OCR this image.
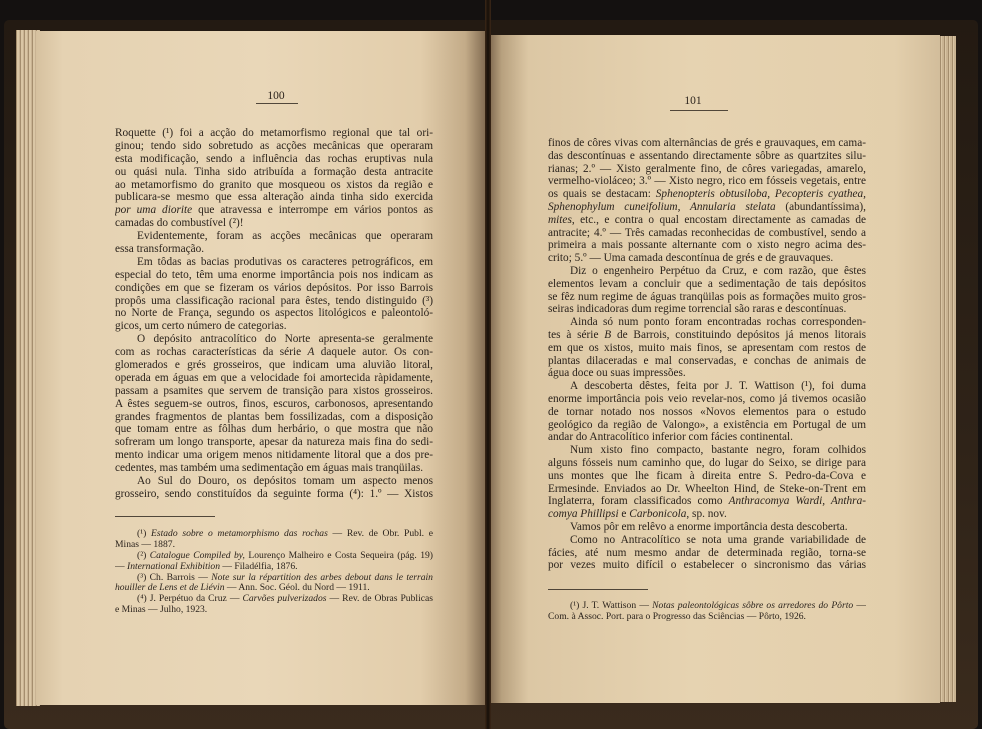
100
Roquette (¹) foi a acção do metamorfismo regional que tal ori-
ginou; tendo sido sobretudo as acções mecânicas que operaram
esta modificação, sendo a influência das rochas eruptivas nula
ou quási nula. Tinha sido atribuída a formação desta antracite
ao metamorfismo do granito que mosqueou os xistos da região e
publicara-se mesmo que essa alteração ainda tinha sido exercida
por uma diorite que atravessa e interrompe em vários pontos as
camadas do combustível (²)!
Evidentemente, foram as acções mecânicas que operaram
essa transformação.
Em tôdas as bacias produtivas os caracteres petrográficos, em
especial do teto, têm uma enorme importância pois nos indicam as
condições em que se fizeram os vários depósitos. Por isso Barrois
propôs uma classificação racional para êstes, tendo distinguido (³)
no Norte de França, segundo os aspectos litológicos e paleontoló-
gicos, um certo número de categorias.
O depósito antracolítico do Norte apresenta-se geralmente
com as rochas características da série A daquele autor. Os con-
glomerados e grés grosseiros, que indicam uma aluvião litoral,
operada em águas em que a velocidade foi amortecida ràpidamente,
passam a psamites que servem de transição para xistos grosseiros.
A êstes seguem-se outros, finos, escuros, carbonosos, apresentando
grandes fragmentos de plantas bem fossilizadas, com a disposição
que tomam entre as fôlhas dum herbário, o que mostra que não
sofreram um longo transporte, apesar da natureza mais fina do sedi-
mento indicar uma origem menos nitidamente litoral que a dos pre-
cedentes, mas também uma sedimentação em águas mais tranqüilas.
Ao Sul do Douro, os depósitos tomam um aspecto menos
grosseiro, sendo constituídos da seguinte forma (⁴): 1.º — Xistos
(¹) Estado sobre o metamorphismo das rochas — Rev. de Obr. Publ. e
Minas — 1887.
(²) Catalogue Compiled by, Lourenço Malheiro e Costa Sequeira (pág. 19)
— International Exhibition — Filadélfia, 1876.
(³) Ch. Barrois — Note sur la répartition des arbes debout dans le terrain
houiller de Lens et de Liévin — Ann. Soc. Géol. du Nord — 1911.
(⁴) J. Perpétuo da Cruz — Carvões pulverizados — Rev. de Obras Publicas
e Minas — Julho, 1923.
101
finos de côres vivas com alternâncias de grés e grauvaques, em cama-
das descontínuas e assentando directamente sôbre as quartzites silu-
rianas; 2.º — Xisto geralmente fino, de côres variegadas, amarelo,
vermelho-violáceo; 3.º — Xisto negro, rico em fósseis vegetais, entre
os quais se destacam: Sphenopteris obtusiloba, Pecopteris cyathea,
Sphenophylum cuneifolium, Annularia stelata (abundantíssima),
mites, etc., e contra o qual encostam directamente as camadas de
antracite; 4.º — Três camadas reconhecidas de combustível, sendo a
primeira a mais possante alternante com o xisto negro acima des-
crito; 5.º — Uma camada descontínua de grés e de grauvaques.
Diz o engenheiro Perpétuo da Cruz, e com razão, que êstes
elementos levam a concluir que a sedimentação de tais depósitos
se fêz num regime de águas tranqüilas pois as formações muito gros-
seiras indicadoras dum regime torrencial são raras e descontínuas.
Ainda só num ponto foram encontradas rochas corresponden-
tes à série B de Barrois, constituindo depósitos já menos litorais
em que os xistos, muito mais finos, se apresentam com restos de
plantas dilaceradas e mal conservadas, e conchas de animais de
água doce ou suas impressões.
A descoberta dêstes, feita por J. T. Wattison (¹), foi duma
enorme importância pois veio revelar-nos, como já tivemos ocasião
de tornar notado nos nossos «Novos elementos para o estudo
geológico da região de Valongo», a existência em Portugal de um
andar do Antracolítico inferior com fácies continental.
Num xisto fino compacto, bastante negro, foram colhidos
alguns fósseis num caminho que, do lugar do Seixo, se dirige para
uns montes que lhe ficam à direita entre S. Pedro-da-Cova e
Ermesinde. Enviados ao Dr. Wheelton Hind, de Steke-on-Trent em
Inglaterra, foram classificados como Anthracomya Wardi, Anthra-
comya Phillipsi e Carbonicola, sp. nov.
Vamos pôr em relêvo a enorme importância desta descoberta.
Como no Antracolítico se nota uma grande variabilidade de
fácies, até num mesmo andar de determinada região, torna-se
por vezes muito difícil o estabelecer o sincronismo das várias
(¹) J. T. Wattison — Notas paleontológicas sôbre os arredores do Pôrto —
Com. à Assoc. Port. para o Progresso das Sciências — Pôrto, 1926.
